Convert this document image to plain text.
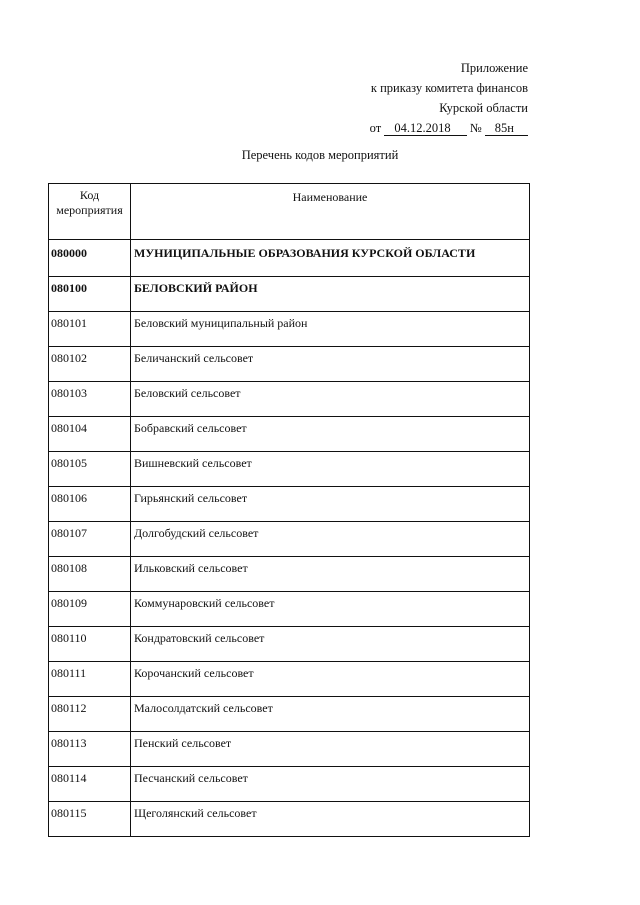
Приложение
к приказу комитета финансов
Курской области
от 04.12.2018 № 85н
Перечень кодов мероприятий
Код
мероприятия	Наименование
080000	МУНИЦИПАЛЬНЫЕ ОБРАЗОВАНИЯ КУРСКОЙ ОБЛАСТИ
080100	БЕЛОВСКИЙ РАЙОН
080101	Беловский муниципальный район
080102	Беличанский сельсовет
080103	Беловский сельсовет
080104	Бобравский сельсовет
080105	Вишневский сельсовет
080106	Гирьянский сельсовет
080107	Долгобудский сельсовет
080108	Ильковский сельсовет
080109	Коммунаровский сельсовет
080110	Кондратовский сельсовет
080111	Корочанский сельсовет
080112	Малосолдатский сельсовет
080113	Пенский сельсовет
080114	Песчанский сельсовет
080115	Щеголянский сельсовет
